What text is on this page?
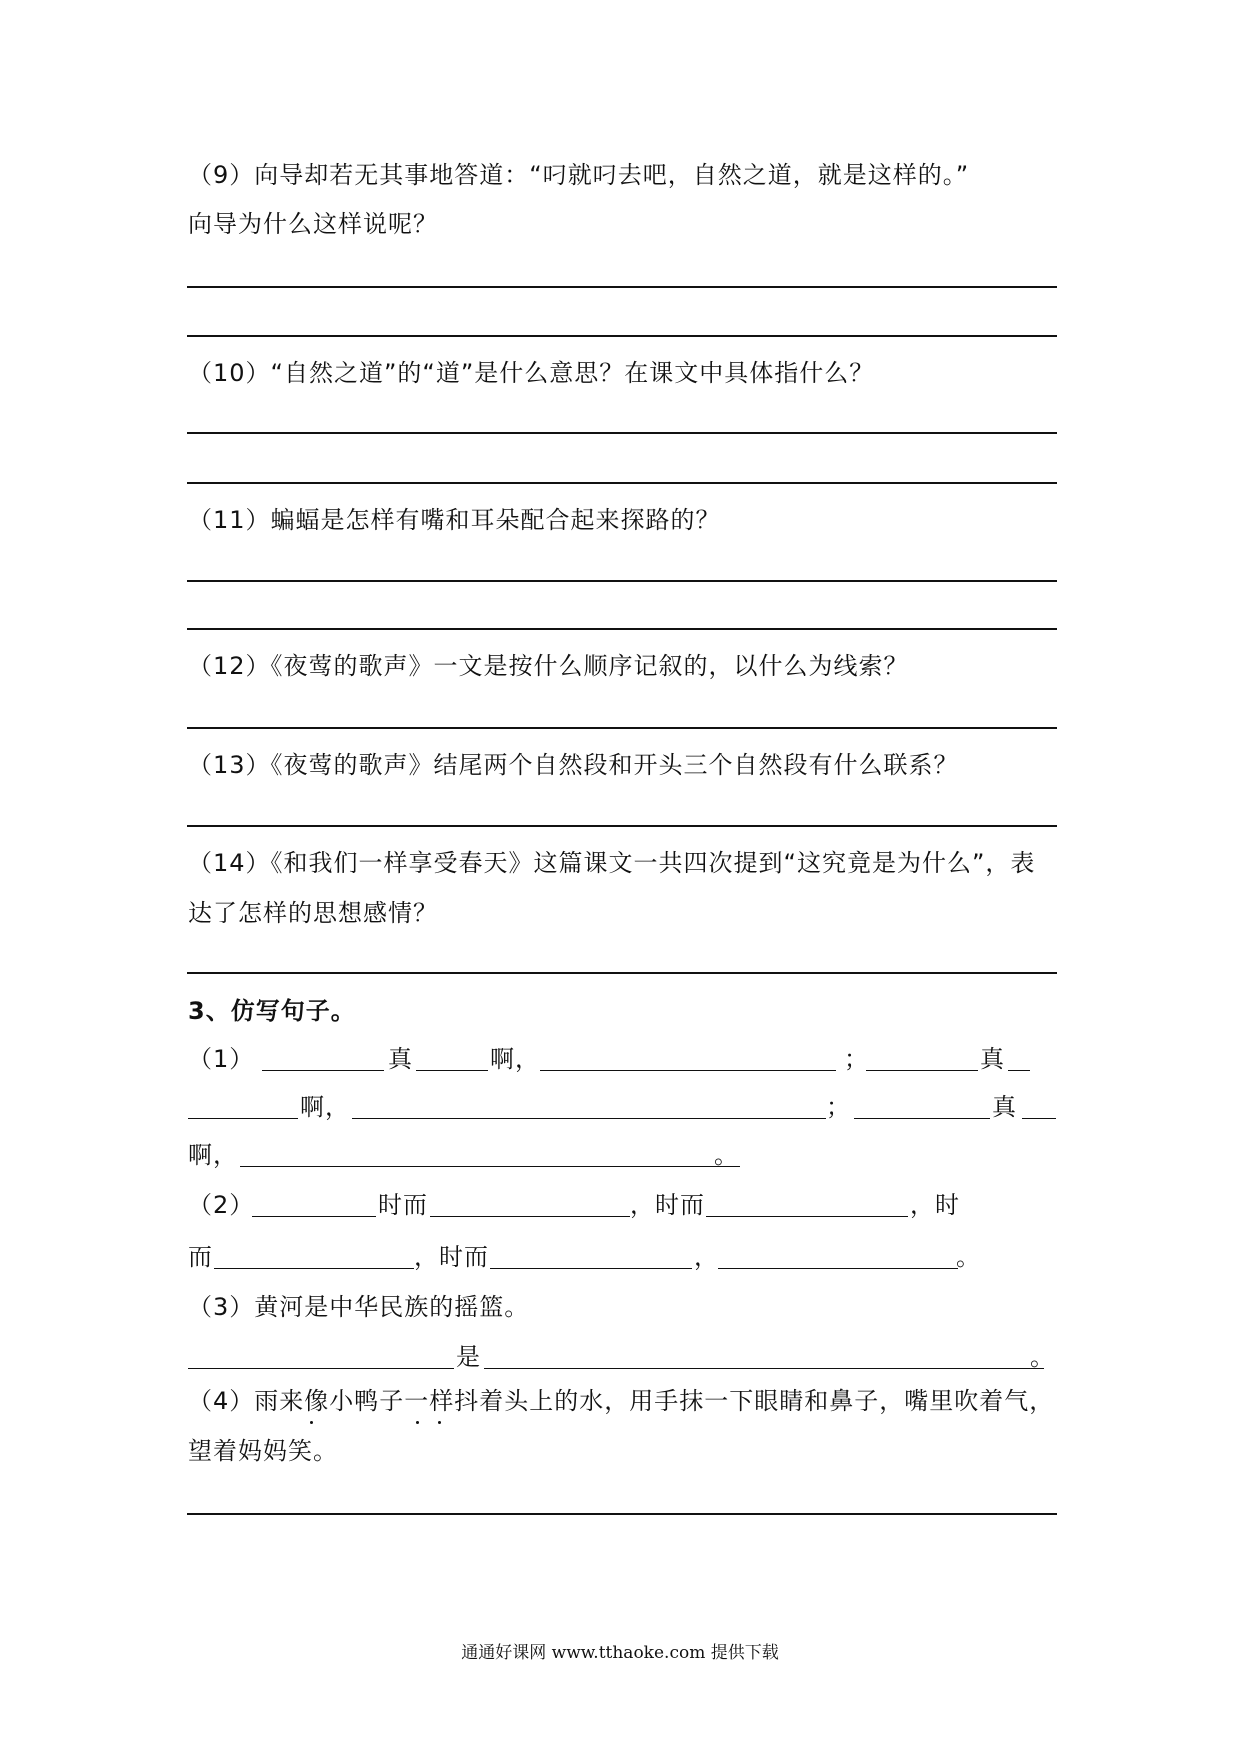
（9）向导却若无其事地答道：“叼就叼去吧，自然之道，就是这样的。”
向导为什么这样说呢？
（10）“自然之道”的“道”是什么意思？在课文中具体指什么？
（11）蝙蝠是怎样有嘴和耳朵配合起来探路的？
（12）《夜莺的歌声》一文是按什么顺序记叙的，以什么为线索？
（13）《夜莺的歌声》结尾两个自然段和开头三个自然段有什么联系？
（14）《和我们一样享受春天》这篇课文一共四次提到“这究竟是为什么”，表
达了怎样的思想感情？
3、仿写句子。
（1）	真	啊，	；	真
啊，	；	真
啊，	。
（2）	时而	，时而	，时
而	，时而	，	。
（3）黄河是中华民族的摇篮。
是	。
（4）雨来像小鸭子一样抖着头上的水，用手抹一下眼睛和鼻子，嘴里吹着气，
望着妈妈笑。
通通好课网 www.tthaoke.com 提供下载
